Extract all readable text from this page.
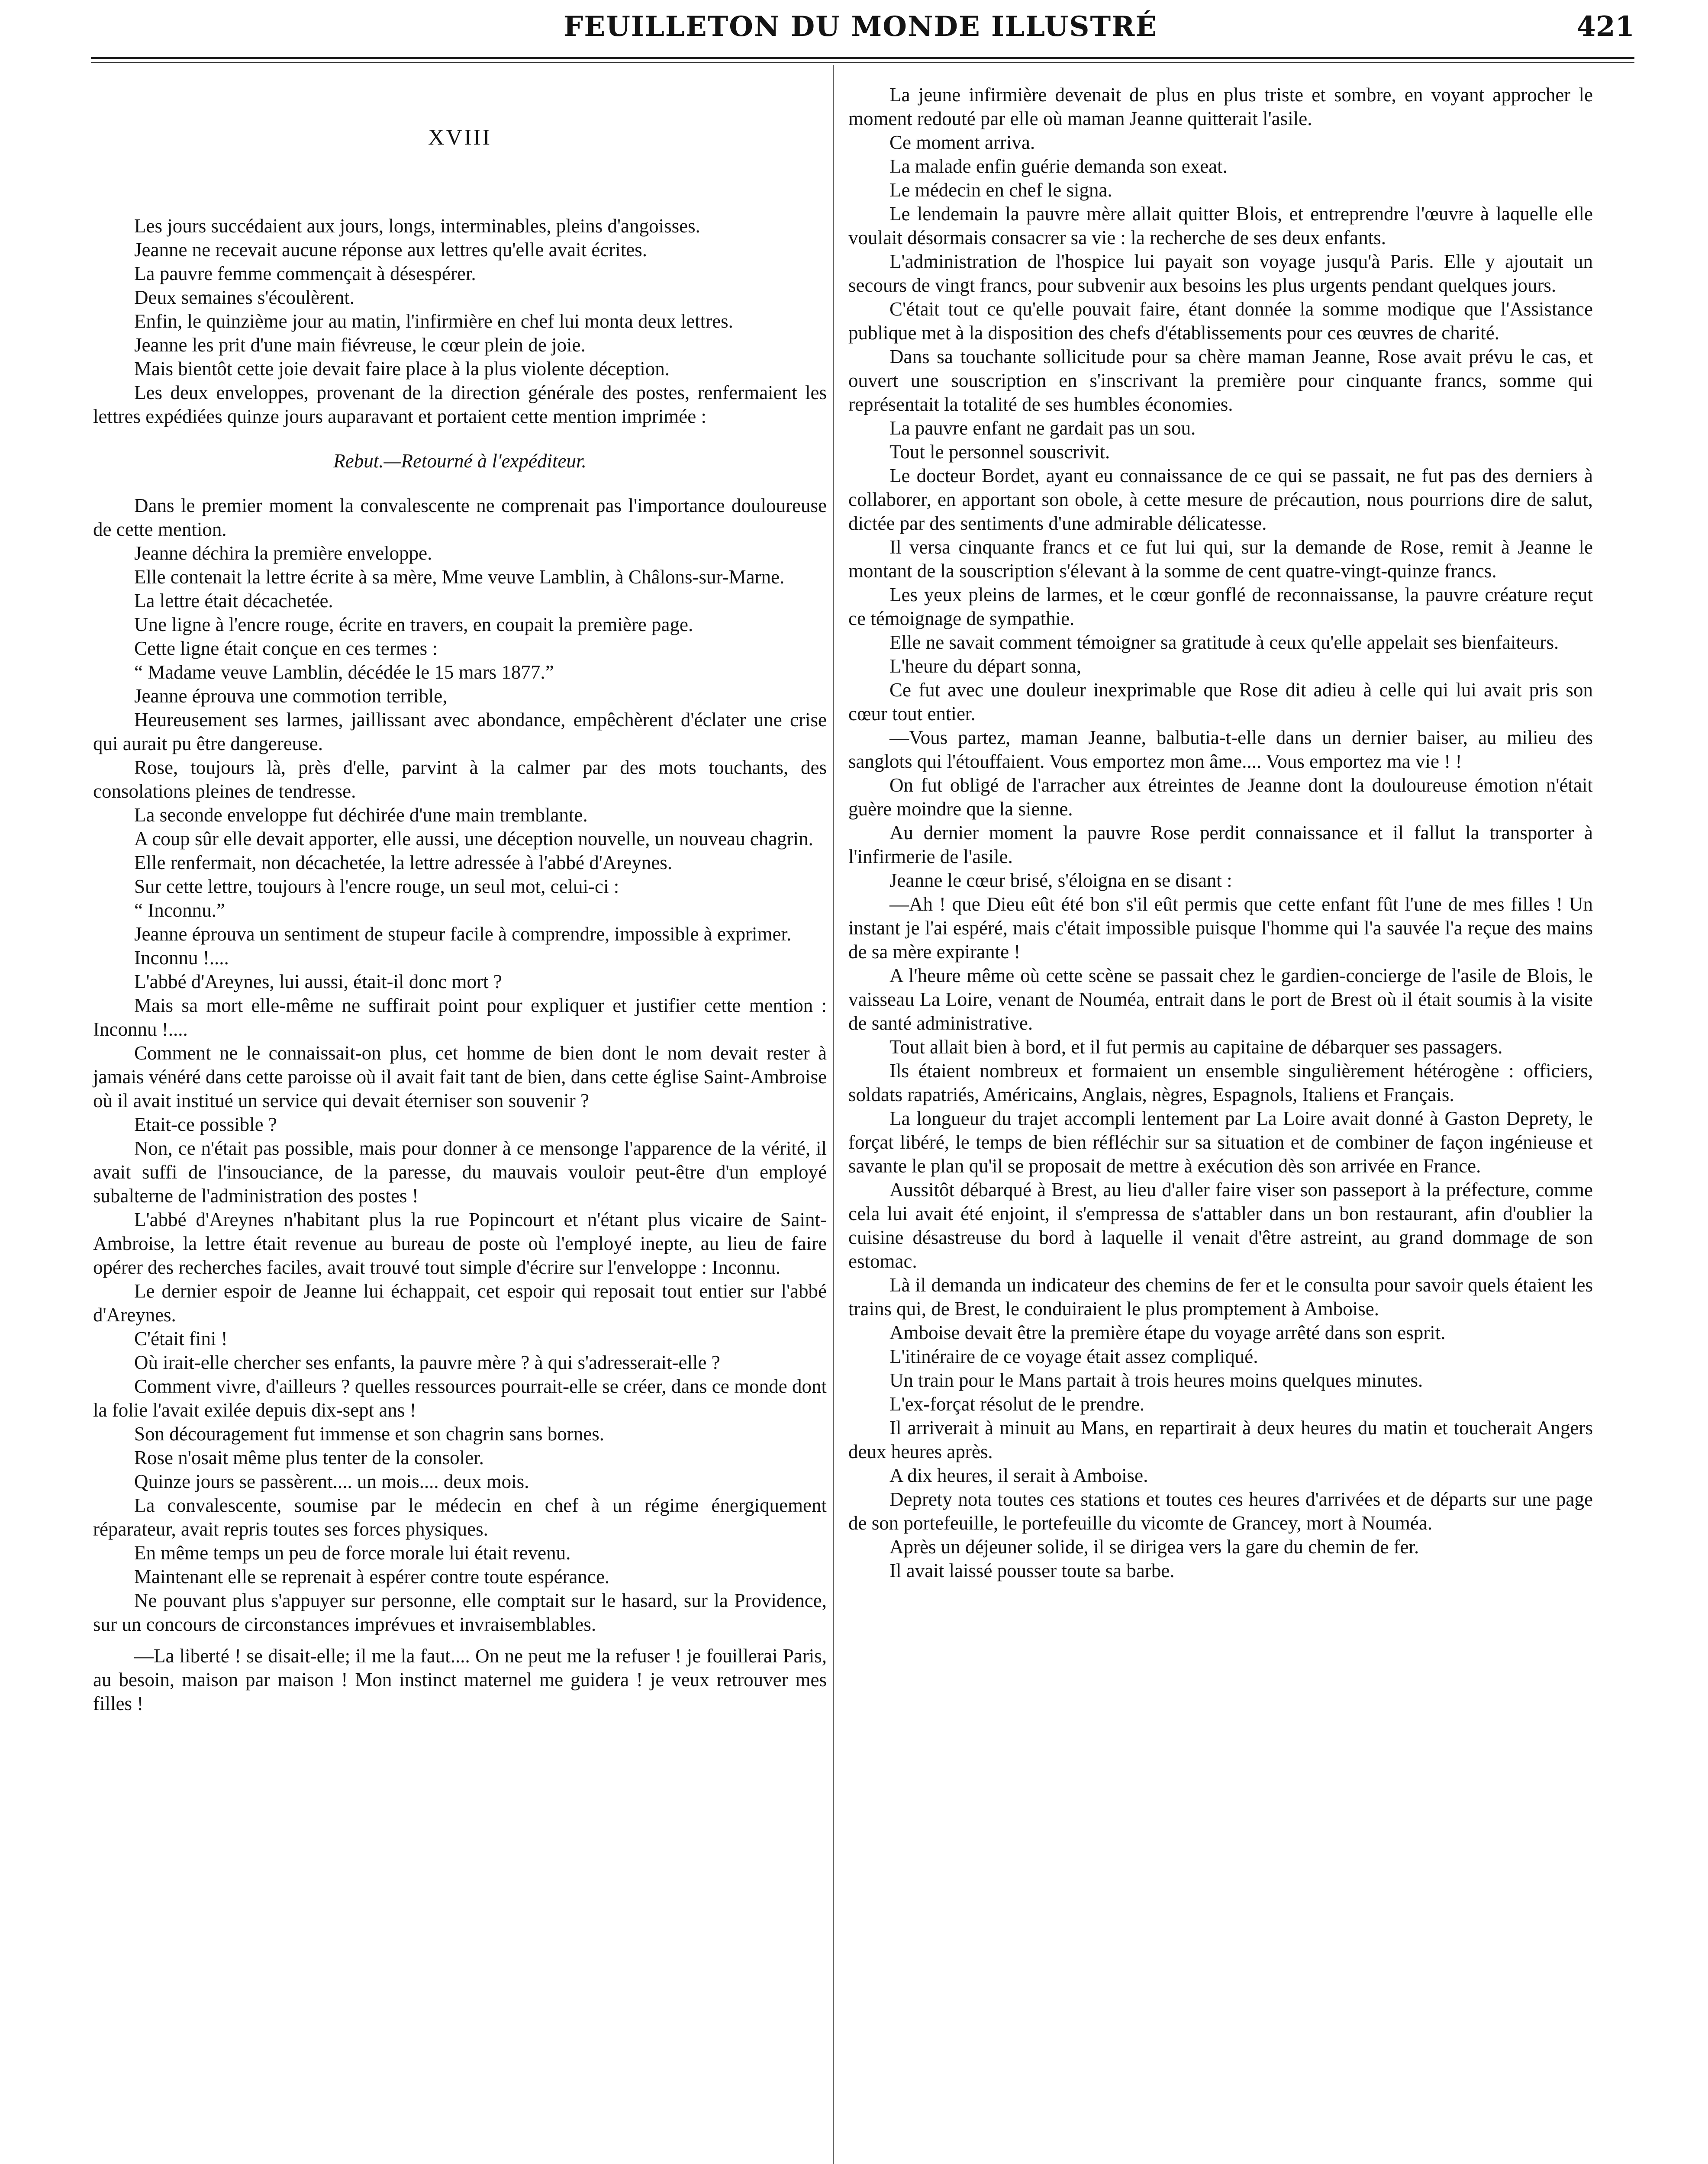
FEUILLETON DU MONDE ILLUSTRÉ	421
XVIII

Les jours succédaient aux jours, longs, interminables, pleins d'angoisses.

Jeanne ne recevait aucune réponse aux lettres qu'elle avait écrites.

La pauvre femme commençait à désespérer.

Deux semaines s'écoulèrent.

Enfin, le quinzième jour au matin, l'infirmière en chef lui monta deux lettres.

Jeanne les prit d'une main fiévreuse, le cœur plein de joie.

Mais bientôt cette joie devait faire place à la plus violente déception.

Les deux enveloppes, provenant de la direction générale des postes, renfermaient les lettres expédiées quinze jours auparavant et portaient cette mention imprimée :

Rebut.—Retourné à l'expéditeur.

Dans le premier moment la convalescente ne comprenait pas l'importance douloureuse de cette mention.

Jeanne déchira la première enveloppe.

Elle contenait la lettre écrite à sa mère, Mme veuve Lamblin, à Châlons-sur-Marne.

La lettre était décachetée.

Une ligne à l'encre rouge, écrite en travers, en coupait la première page.

Cette ligne était conçue en ces termes :

“ Madame veuve Lamblin, décédée le 15 mars 1877.”

Jeanne éprouva une commotion terrible,

Heureusement ses larmes, jaillissant avec abondance, empêchèrent d'éclater une crise qui aurait pu être dangereuse.

Rose, toujours là, près d'elle, parvint à la calmer par des mots touchants, des consolations pleines de tendresse.

La seconde enveloppe fut déchirée d'une main tremblante.

A coup sûr elle devait apporter, elle aussi, une déception nouvelle, un nouveau chagrin.

Elle renfermait, non décachetée, la lettre adressée à l'abbé d'Areynes.

Sur cette lettre, toujours à l'encre rouge, un seul mot, celui-ci :

“ Inconnu.”

Jeanne éprouva un sentiment de stupeur facile à comprendre, impossible à exprimer.

Inconnu !....

L'abbé d'Areynes, lui aussi, était-il donc mort ?

Mais sa mort elle-même ne suffirait point pour expliquer et justifier cette mention : Inconnu !....

Comment ne le connaissait-on plus, cet homme de bien dont le nom devait rester à jamais vénéré dans cette paroisse où il avait fait tant de bien, dans cette église Saint-Ambroise où il avait institué un service qui devait éterniser son souvenir ?

Etait-ce possible ?

Non, ce n'était pas possible, mais pour donner à ce mensonge l'apparence de la vérité, il avait suffi de l'insouciance, de la paresse, du mauvais vouloir peut-être d'un employé subalterne de l'administration des postes !

L'abbé d'Areynes n'habitant plus la rue Popincourt et n'étant plus vicaire de Saint-Ambroise, la lettre était revenue au bureau de poste où l'employé inepte, au lieu de faire opérer des recherches faciles, avait trouvé tout simple d'écrire sur l'enveloppe : Inconnu.

Le dernier espoir de Jeanne lui échappait, cet espoir qui reposait tout entier sur l'abbé d'Areynes.

C'était fini !

Où irait-elle chercher ses enfants, la pauvre mère ? à qui s'adresserait-elle ?

Comment vivre, d'ailleurs ? quelles ressources pourrait-elle se créer, dans ce monde dont la folie l'avait exilée depuis dix-sept ans !

Son découragement fut immense et son chagrin sans bornes.

Rose n'osait même plus tenter de la consoler.

Quinze jours se passèrent.... un mois.... deux mois.

La convalescente, soumise par le médecin en chef à un régime énergiquement réparateur, avait repris toutes ses forces physiques.

En même temps un peu de force morale lui était revenu.

Maintenant elle se reprenait à espérer contre toute espérance.

Ne pouvant plus s'appuyer sur personne, elle comptait sur le hasard, sur la Providence, sur un concours de circonstances imprévues et invraisemblables.

—La liberté ! se disait-elle; il me la faut.... On ne peut me la refuser ! je fouillerai Paris, au besoin, maison par maison ! Mon instinct maternel me guidera ! je veux retrouver mes filles !

La jeune infirmière devenait de plus en plus triste et sombre, en voyant approcher le moment redouté par elle où maman Jeanne quitterait l'asile.

Ce moment arriva.

La malade enfin guérie demanda son exeat.

Le médecin en chef le signa.

Le lendemain la pauvre mère allait quitter Blois, et entreprendre l'œuvre à laquelle elle voulait désormais consacrer sa vie : la recherche de ses deux enfants.

L'administration de l'hospice lui payait son voyage jusqu'à Paris. Elle y ajoutait un secours de vingt francs, pour subvenir aux besoins les plus urgents pendant quelques jours.

C'était tout ce qu'elle pouvait faire, étant donnée la somme modique que l'Assistance publique met à la disposition des chefs d'établissements pour ces œuvres de charité.

Dans sa touchante sollicitude pour sa chère maman Jeanne, Rose avait prévu le cas, et ouvert une souscription en s'inscrivant la première pour cinquante francs, somme qui représentait la totalité de ses humbles économies.

La pauvre enfant ne gardait pas un sou.

Tout le personnel souscrivit.

Le docteur Bordet, ayant eu connaissance de ce qui se passait, ne fut pas des derniers à collaborer, en apportant son obole, à cette mesure de précaution, nous pourrions dire de salut, dictée par des sentiments d'une admirable délicatesse.

Il versa cinquante francs et ce fut lui qui, sur la demande de Rose, remit à Jeanne le montant de la souscription s'élevant à la somme de cent quatre-vingt-quinze francs.

Les yeux pleins de larmes, et le cœur gonflé de reconnaissanse, la pauvre créature reçut ce témoignage de sympathie.

Elle ne savait comment témoigner sa gratitude à ceux qu'elle appelait ses bienfaiteurs.

L'heure du départ sonna,

Ce fut avec une douleur inexprimable que Rose dit adieu à celle qui lui avait pris son cœur tout entier.

—Vous partez, maman Jeanne, balbutia-t-elle dans un dernier baiser, au milieu des sanglots qui l'étouffaient. Vous emportez mon âme.... Vous emportez ma vie ! !

On fut obligé de l'arracher aux étreintes de Jeanne dont la douloureuse émotion n'était guère moindre que la sienne.

Au dernier moment la pauvre Rose perdit connaissance et il fallut la transporter à l'infirmerie de l'asile.

Jeanne le cœur brisé, s'éloigna en se disant :

—Ah ! que Dieu eût été bon s'il eût permis que cette enfant fût l'une de mes filles ! Un instant je l'ai espéré, mais c'était impossible puisque l'homme qui l'a sauvée l'a reçue des mains de sa mère expirante !

A l'heure même où cette scène se passait chez le gardien-concierge de l'asile de Blois, le vaisseau La Loire, venant de Nouméa, entrait dans le port de Brest où il était soumis à la visite de santé administrative.

Tout allait bien à bord, et il fut permis au capitaine de débarquer ses passagers.

Ils étaient nombreux et formaient un ensemble singulièrement hétérogène : officiers, soldats rapatriés, Américains, Anglais, nègres, Espagnols, Italiens et Français.

La longueur du trajet accompli lentement par La Loire avait donné à Gaston Deprety, le forçat libéré, le temps de bien réfléchir sur sa situation et de combiner de façon ingénieuse et savante le plan qu'il se proposait de mettre à exécution dès son arrivée en France.

Aussitôt débarqué à Brest, au lieu d'aller faire viser son passeport à la préfecture, comme cela lui avait été enjoint, il s'empressa de s'attabler dans un bon restaurant, afin d'oublier la cuisine désastreuse du bord à laquelle il venait d'être astreint, au grand dommage de son estomac.

Là il demanda un indicateur des chemins de fer et le consulta pour savoir quels étaient les trains qui, de Brest, le conduiraient le plus promptement à Amboise.

Amboise devait être la première étape du voyage arrêté dans son esprit.

L'itinéraire de ce voyage était assez compliqué.

Un train pour le Mans partait à trois heures moins quelques minutes.

L'ex-forçat résolut de le prendre.

Il arriverait à minuit au Mans, en repartirait à deux heures du matin et toucherait Angers deux heures après.

A dix heures, il serait à Amboise.

Deprety nota toutes ces stations et toutes ces heures d'arrivées et de départs sur une page de son portefeuille, le portefeuille du vicomte de Grancey, mort à Nouméa.

Après un déjeuner solide, il se dirigea vers la gare du chemin de fer.

Il avait laissé pousser toute sa barbe.
